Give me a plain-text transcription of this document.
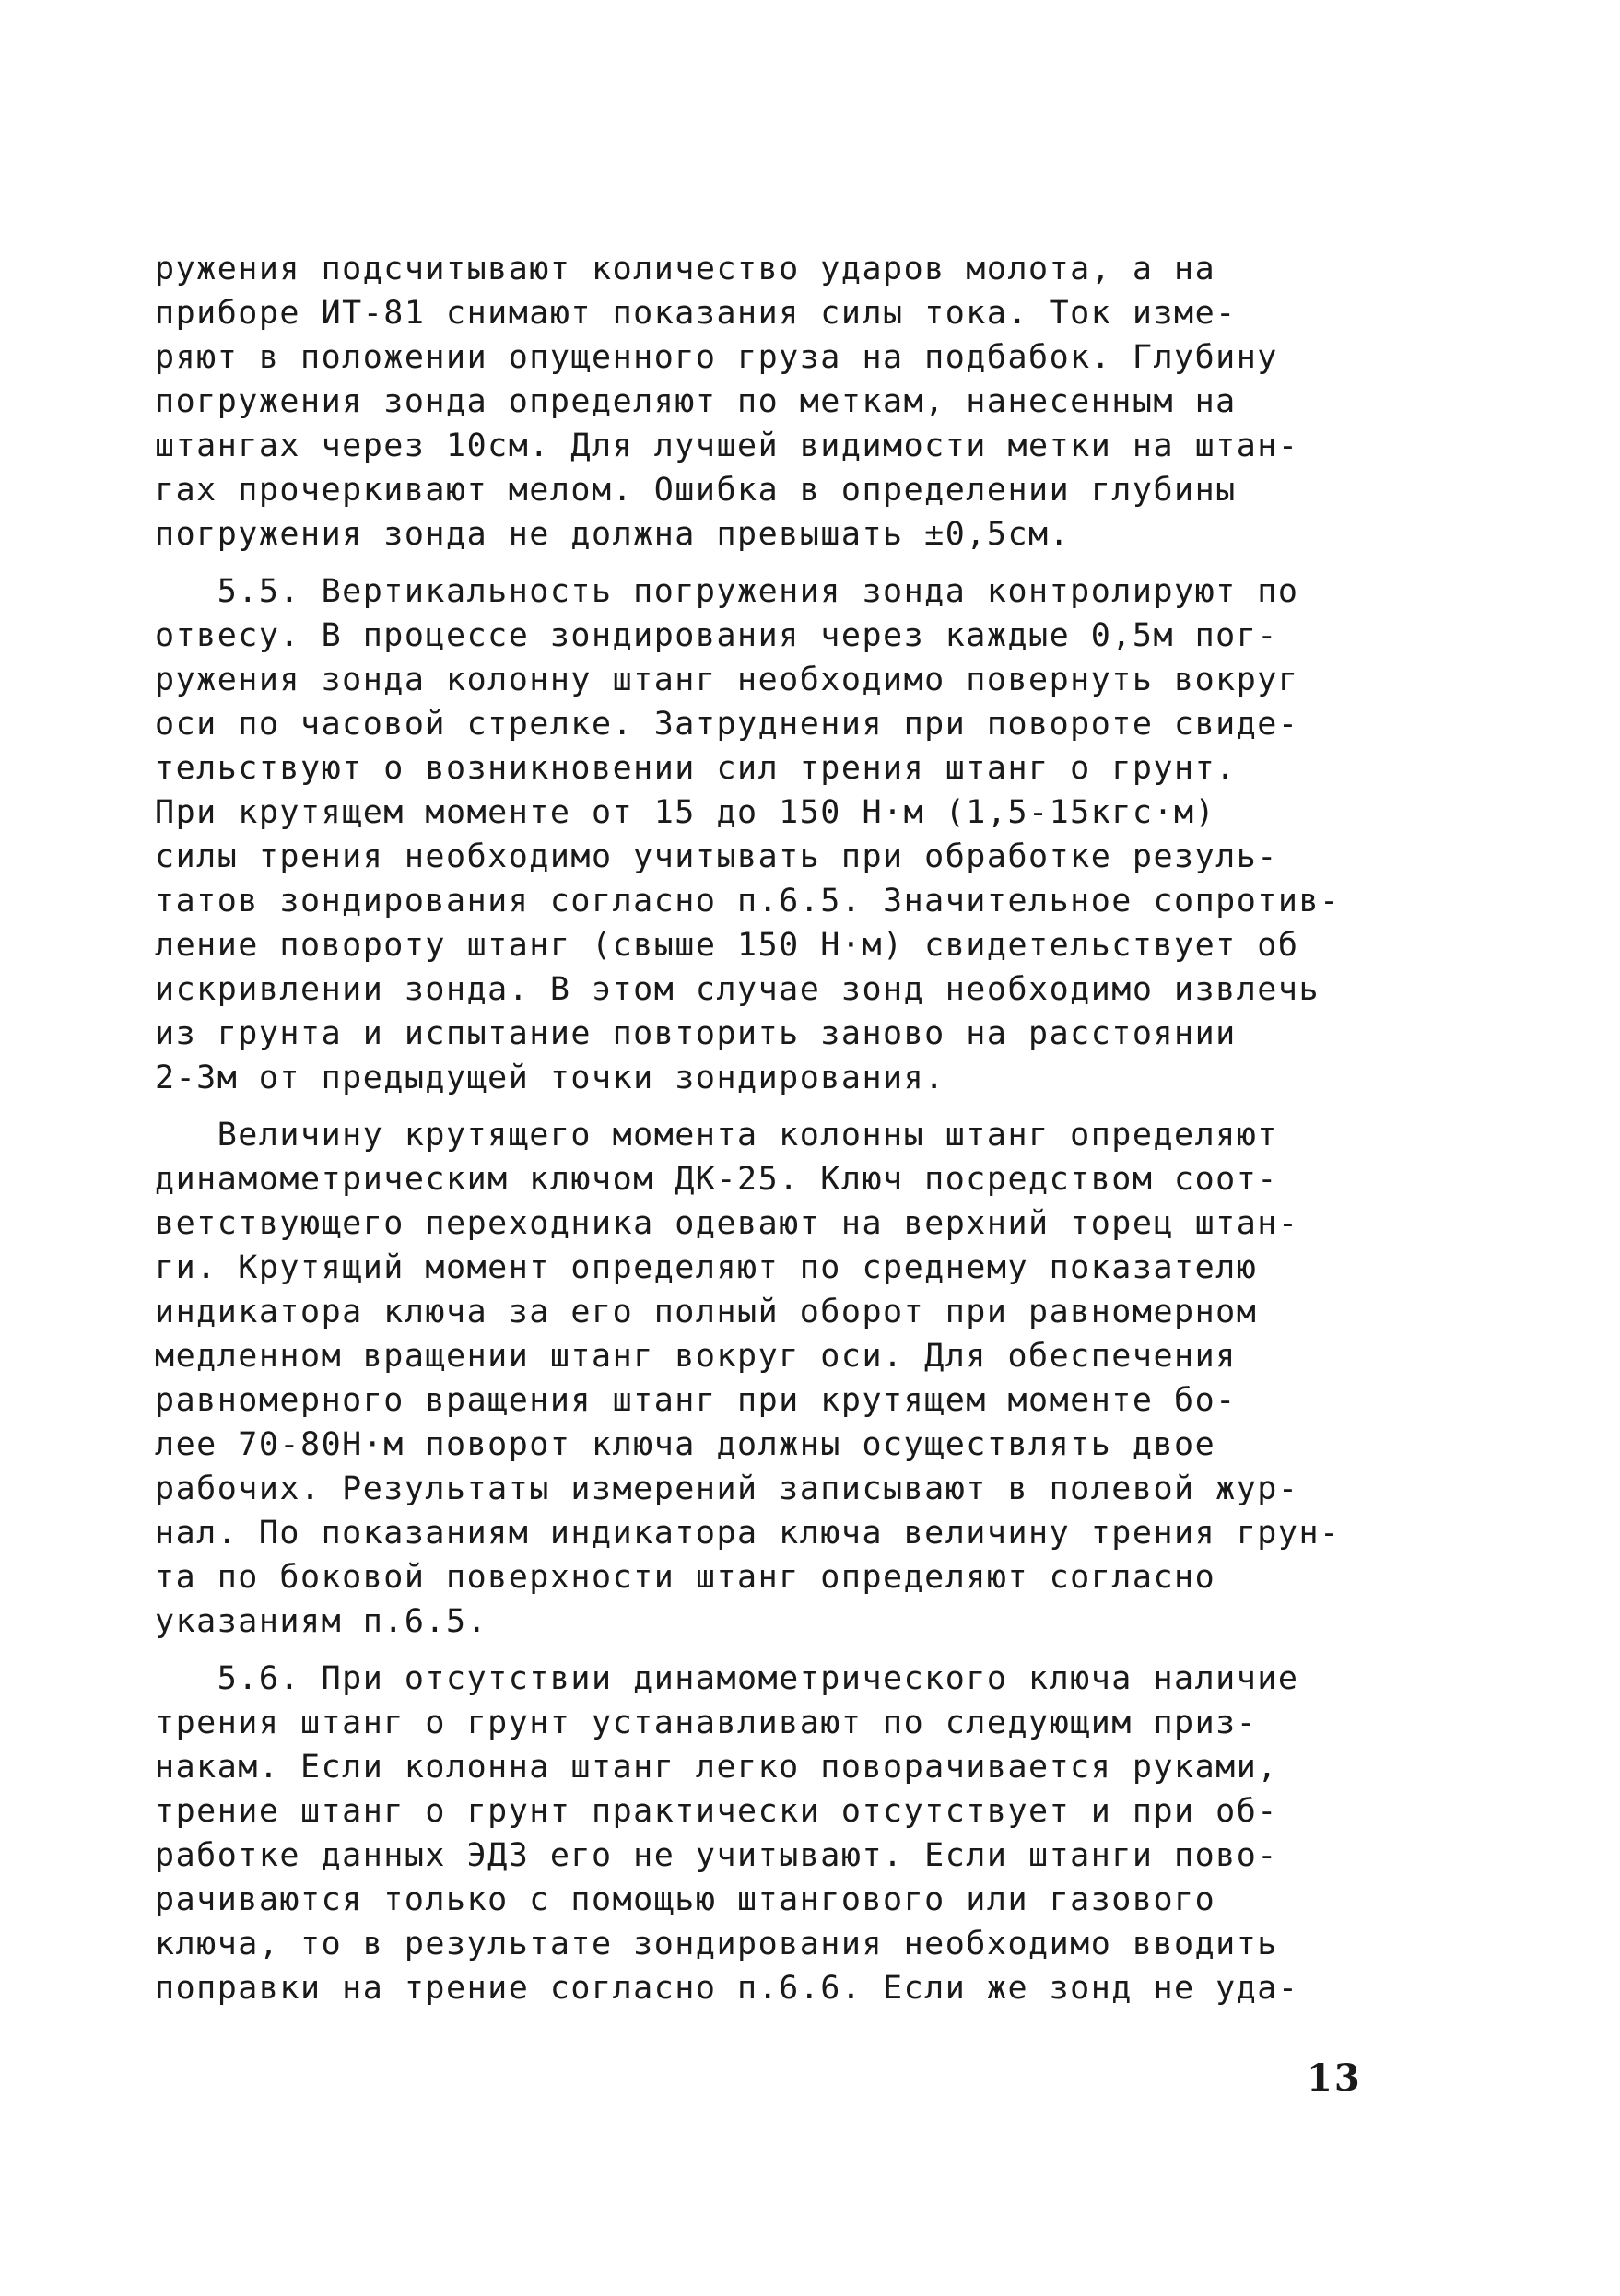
ружения подсчитывают количество ударов молота, а на
приборе ИТ-81 снимают показания силы тока. Ток изме-
ряют в положении опущенного груза на подбабок. Глубину
погружения зонда определяют по меткам, нанесенным на
штангах через 10см. Для лучшей видимости метки на штан-
гах прочеркивают мелом. Ошибка в определении глубины
погружения зонда не должна превышать ±0,5см.
5.5. Вертикальность погружения зонда контролируют по
отвесу. В процессе зондирования через каждые 0,5м пог-
ружения зонда колонну штанг необходимо повернуть вокруг
оси по часовой стрелке. Затруднения при повороте свиде-
тельствуют о возникновении сил трения штанг о грунт.
При крутящем моменте от 15 до 150 Н·м (1,5-15кгс·м)
силы трения необходимо учитывать при обработке резуль-
татов зондирования согласно п.6.5. Значительное сопротив-
ление повороту штанг (свыше 150 Н·м) свидетельствует об
искривлении зонда. В этом случае зонд необходимо извлечь
из грунта и испытание повторить заново на расстоянии
2-3м от предыдущей точки зондирования.
Величину крутящего момента колонны штанг определяют
динамометрическим ключом ДК-25. Ключ посредством соот-
ветствующего переходника одевают на верхний торец штан-
ги. Крутящий момент определяют по среднему показателю
индикатора ключа за его полный оборот при равномерном
медленном вращении штанг вокруг оси. Для обеспечения
равномерного вращения штанг при крутящем моменте бо-
лее 70-80Н·м поворот ключа должны осуществлять двое
рабочих. Результаты измерений записывают в полевой жур-
нал. По показаниям индикатора ключа величину трения грун-
та по боковой поверхности штанг определяют согласно
указаниям п.6.5.
5.6. При отсутствии динамометрического ключа наличие
трения штанг о грунт устанавливают по следующим приз-
накам. Если колонна штанг легко поворачивается руками,
трение штанг о грунт практически отсутствует и при об-
работке данных ЭДЗ его не учитывают. Если штанги пово-
рачиваются только с помощью штангового или газового
ключа, то в результате зондирования необходимо вводить
поправки на трение согласно п.6.6. Если же зонд не уда-
13
